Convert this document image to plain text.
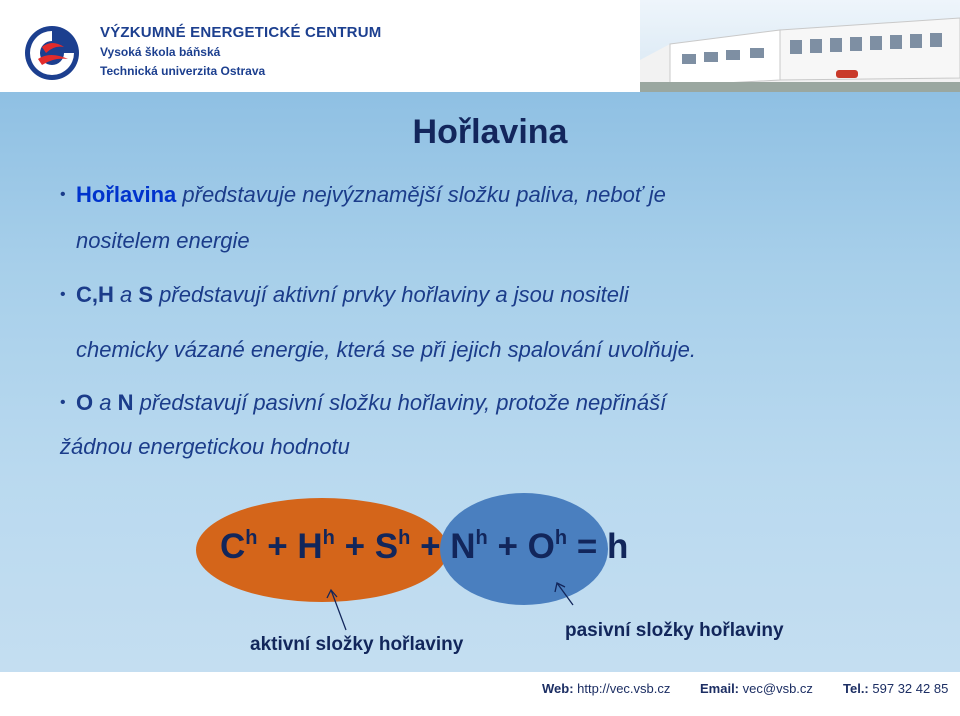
VÝZKUMNÉ ENERGETICKÉ CENTRUM
Vysoká škola báňská
Technická univerzita Ostrava
Hořlavina
• Hořlavina představuje nejvýznamější složku paliva, neboť je
nositelem energie
• C,H a S představují aktivní prvky hořlaviny a jsou nositeli
chemicky vázané energie, která se při jejich spalování uvolňuje.
• O a N představují pasivní složku hořlaviny, protože nepřináší
žádnou energetickou hodnotu
$C^h + H^h + S^h + N^h + O^h = h$
aktivní složky hořlaviny
pasivní složky hořlaviny
Web: http://vec.vsb.cz Email: vec@vsb.cz Tel.: 597 32 42 85
